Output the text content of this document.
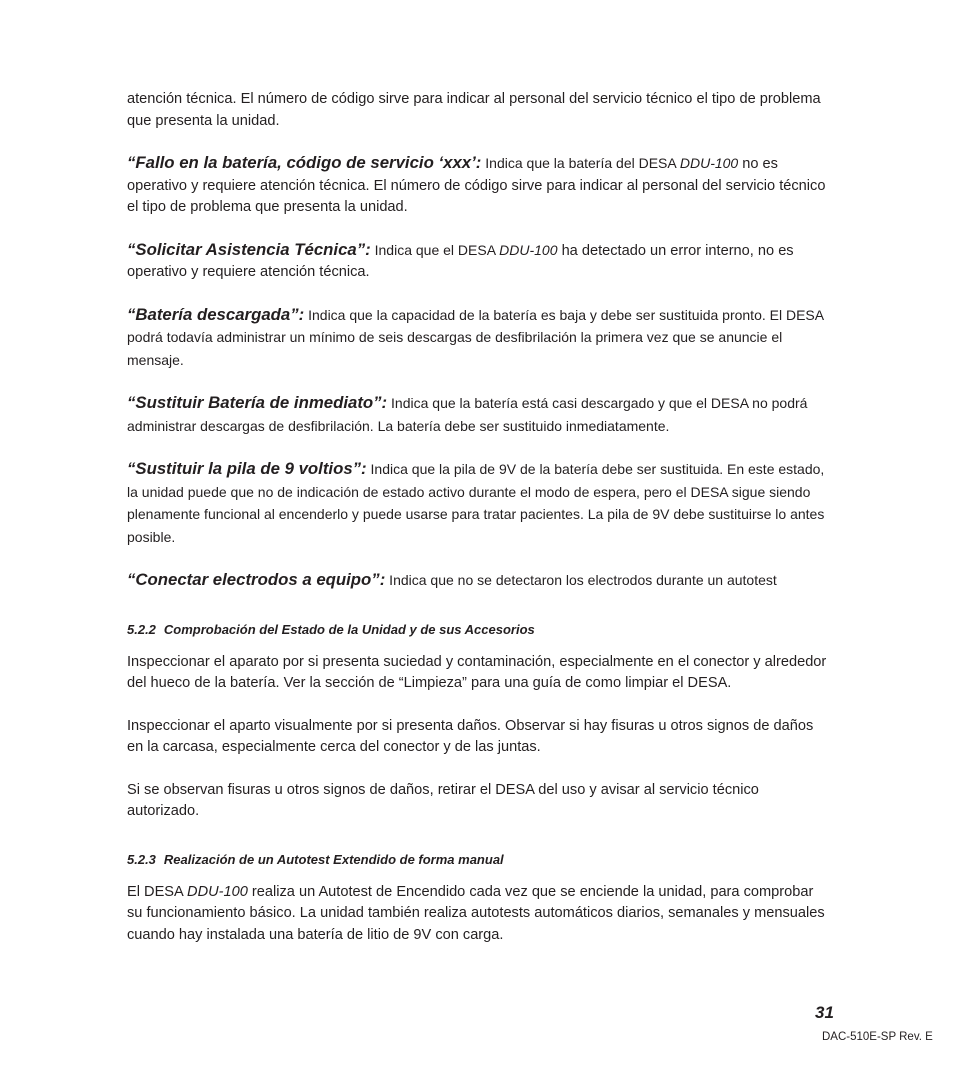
atención técnica. El número de código sirve para indicar al personal del servicio técnico el tipo de problema que presenta la unidad.

“Fallo en la batería, código de servicio ‘xxx’: Indica que la batería del DESA DDU-100 no es operativo y requiere atención técnica. El número de código sirve para indicar al personal del servicio técnico el tipo de problema que presenta la unidad.

“Solicitar Asistencia Técnica”: Indica que el DESA DDU-100 ha detectado un error interno, no es operativo y requiere atención técnica.

“Batería descargada”: Indica que la capacidad de la batería es baja y debe ser sustituida pronto. El DESA podrá todavía administrar un mínimo de seis descargas de desfibrilación la primera vez que se anuncie el mensaje.

“Sustituir Batería de inmediato”: Indica que la batería está casi descargado y que el DESA no podrá administrar descargas de desfibrilación. La batería debe ser sustituido inmediatamente.

“Sustituir la pila de 9 voltios”: Indica que la pila de 9V de la batería debe ser sustituida. En este estado, la unidad puede que no de indicación de estado activo durante el modo de espera, pero el DESA sigue siendo plenamente funcional al encenderlo y puede usarse para tratar pacientes. La pila de 9V debe sustituirse lo antes posible.

“Conectar electrodos a equipo”: Indica que no se detectaron los electrodos durante un autotest

5.2.2 Comprobación del Estado de la Unidad y de sus Accesorios

Inspeccionar el aparato por si presenta suciedad y contaminación, especialmente en el conector y alrededor del hueco de la batería. Ver la sección de “Limpieza” para una guía de como limpiar el DESA.

Inspeccionar el aparto visualmente por si presenta daños. Observar si hay fisuras u otros signos de daños en la carcasa, especialmente cerca del conector y de las juntas.

Si se observan fisuras u otros signos de daños, retirar el DESA del uso y avisar al servicio técnico autorizado.

5.2.3 Realización de un Autotest Extendido de forma manual

El DESA DDU-100 realiza un Autotest de Encendido cada vez que se enciende la unidad, para comprobar su funcionamiento básico. La unidad también realiza autotests automáticos diarios, semanales y mensuales cuando hay instalada una batería de litio de 9V con carga.

31
DAC-510E-SP Rev. E
